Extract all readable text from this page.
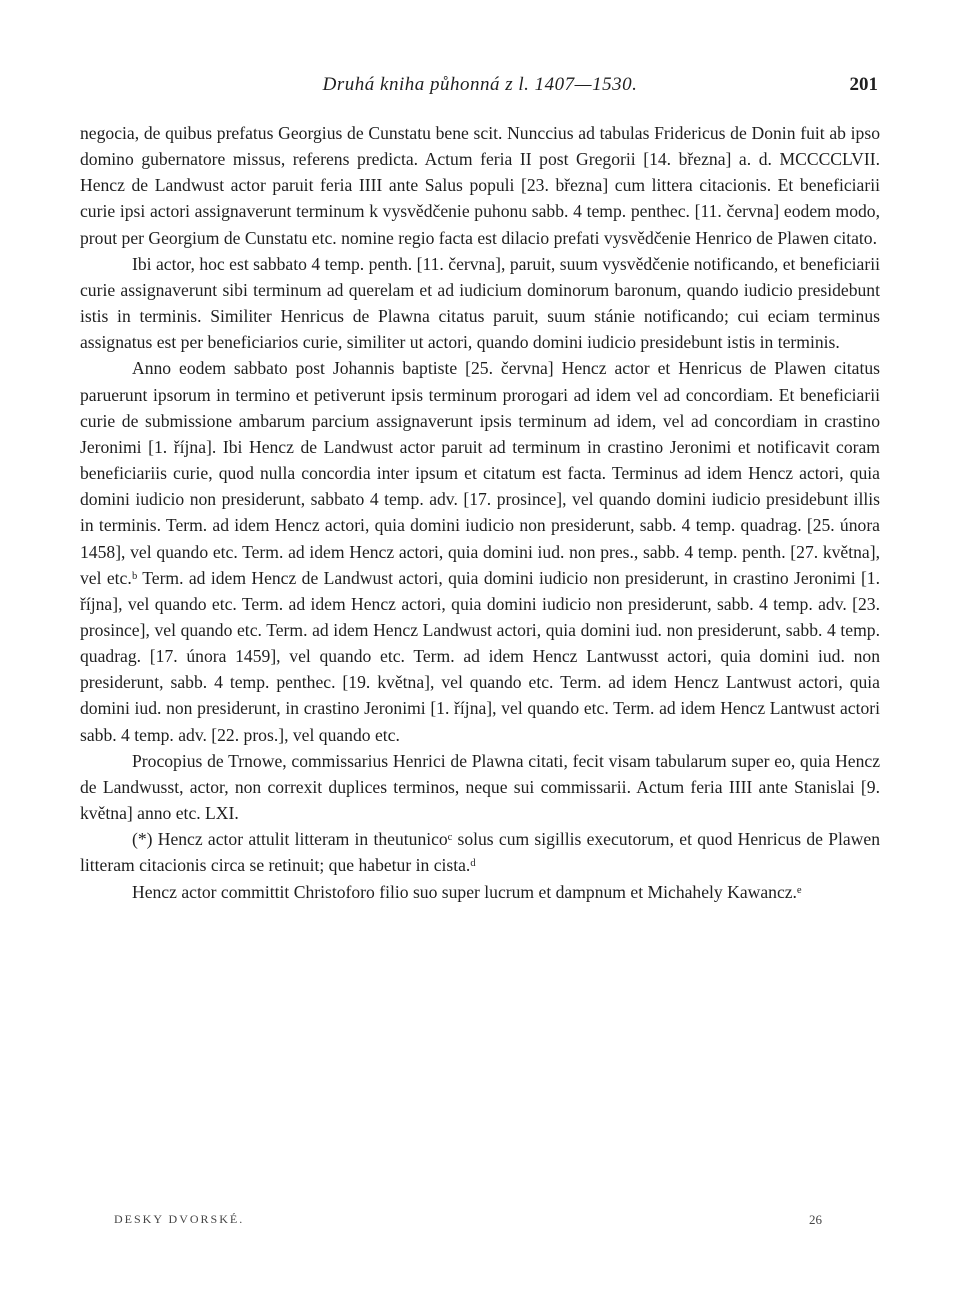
Druhá kniha půhonná z l. 1407—1530.	201

negocia, de quibus prefatus Georgius de Cunstatu bene scit. Nunccius ad tabulas Fridericus de Donin fuit ab ipso domino gubernatore missus, referens predicta. Actum feria II post Gregorii [14. března] a. d. MCCCCLVII. Hencz de Landwust actor paruit feria IIII ante Salus populi [23. března] cum littera citacionis. Et beneficiarii curie ipsi actori assignaverunt terminum k vysvědčenie puhonu sabb. 4 temp. penthec. [11. června] eodem modo, prout per Georgium de Cunstatu etc. nomine regio facta est dilacio prefati vysvědčenie Henrico de Plawen citato.

Ibi actor, hoc est sabbato 4 temp. penth. [11. června], paruit, suum vysvědčenie notificando, et beneficiarii curie assignaverunt sibi terminum ad querelam et ad iudicium dominorum baronum, quando iudicio presidebunt istis in terminis. Similiter Henricus de Plawna citatus paruit, suum stánie notificando; cui eciam terminus assignatus est per beneficiarios curie, similiter ut actori, quando domini iudicio presidebunt istis in terminis.

Anno eodem sabbato post Johannis baptiste [25. června] Hencz actor et Henricus de Plawen citatus paruerunt ipsorum in termino et petiverunt ipsis terminum prorogari ad idem vel ad concordiam. Et beneficiarii curie de submissione ambarum parcium assignaverunt ipsis terminum ad idem, vel ad concordiam in crastino Jeronimi [1. října]. Ibi Hencz de Landwust actor paruit ad terminum in crastino Jeronimi et notificavit coram beneficiariis curie, quod nulla concordia inter ipsum et citatum est facta. Terminus ad idem Hencz actori, quia domini iudicio non presiderunt, sabbato 4 temp. adv. [17. prosince], vel quando domini iudicio presidebunt illis in terminis. Term. ad idem Hencz actori, quia domini iudicio non presiderunt, sabb. 4 temp. quadrag. [25. února 1458], vel quando etc. Term. ad idem Hencz actori, quia domini iud. non pres., sabb. 4 temp. penth. [27. května], vel etc.ᵇ Term. ad idem Hencz de Landwust actori, quia domini iudicio non presiderunt, in crastino Jeronimi [1. října], vel quando etc. Term. ad idem Hencz actori, quia domini iudicio non presiderunt, sabb. 4 temp. adv. [23. prosince], vel quando etc. Term. ad idem Hencz Landwust actori, quia domini iud. non presiderunt, sabb. 4 temp. quadrag. [17. února 1459], vel quando etc. Term. ad idem Hencz Lantwusst actori, quia domini iud. non presiderunt, sabb. 4 temp. penthec. [19. května], vel quando etc. Term. ad idem Hencz Lantwust actori, quia domini iud. non presiderunt, in crastino Jeronimi [1. října], vel quando etc. Term. ad idem Hencz Lantwust actori sabb. 4 temp. adv. [22. pros.], vel quando etc.

Procopius de Trnowe, commissarius Henrici de Plawna citati, fecit visam tabularum super eo, quia Hencz de Landwusst, actor, non correxit duplices terminos, neque sui commissarii. Actum feria IIII ante Stanislai [9. května] anno etc. LXI.

(*) Hencz actor attulit litteram in theutunicoᶜ solus cum sigillis executorum, et quod Henricus de Plawen litteram citacionis circa se retinuit; que habetur in cista.ᵈ

Hencz actor committit Christoforo filio suo super lucrum et dampnum et Michahely Kawancz.ᵉ

DESKY DVORSKÉ.	26
